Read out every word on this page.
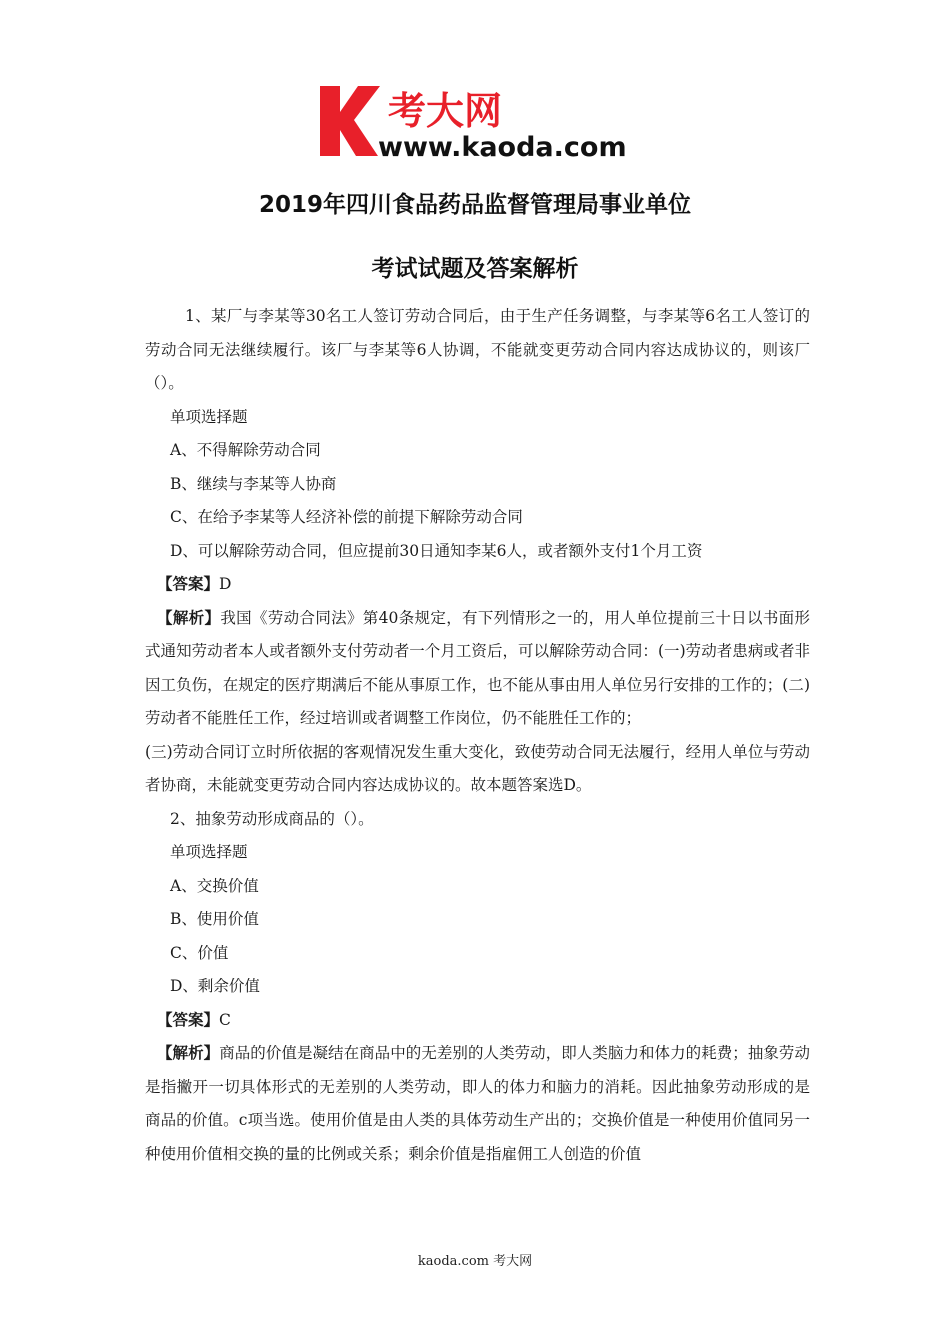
考大网
www.kaoda.com
2019年四川食品药品监督管理局事业单位
考试试题及答案解析

1、某厂与李某等30名工人签订劳动合同后，由于生产任务调整，与李某等6名工人签订的劳动合同无法继续履行。该厂与李某等6人协调，不能就变更劳动合同内容达成协议的，则该厂（）。

单项选择题

A、不得解除劳动合同

B、继续与李某等人协商

C、在给予李某等人经济补偿的前提下解除劳动合同

D、可以解除劳动合同，但应提前30日通知李某6人，或者额外支付1个月工资

【答案】D

【解析】我国《劳动合同法》第40条规定，有下列情形之一的，用人单位提前三十日以书面形式通知劳动者本人或者额外支付劳动者一个月工资后，可以解除劳动合同：(一)劳动者患病或者非因工负伤，在规定的医疗期满后不能从事原工作，也不能从事由用人单位另行安排的工作的；(二)劳动者不能胜任工作，经过培训或者调整工作岗位，仍不能胜任工作的；

(三)劳动合同订立时所依据的客观情况发生重大变化，致使劳动合同无法履行，经用人单位与劳动者协商，未能就变更劳动合同内容达成协议的。故本题答案选D。

2、抽象劳动形成商品的（）。

单项选择题

A、交换价值

B、使用价值

C、价值

D、剩余价值

【答案】C

【解析】商品的价值是凝结在商品中的无差别的人类劳动，即人类脑力和体力的耗费；抽象劳动是指撇开一切具体形式的无差别的人类劳动，即人的体力和脑力的消耗。因此抽象劳动形成的是商品的价值。c项当选。使用价值是由人类的具体劳动生产出的；交换价值是一种使用价值同另一种使用价值相交换的量的比例或关系；剩余价值是指雇佣工人创造的价值

kaoda.com 考大网
